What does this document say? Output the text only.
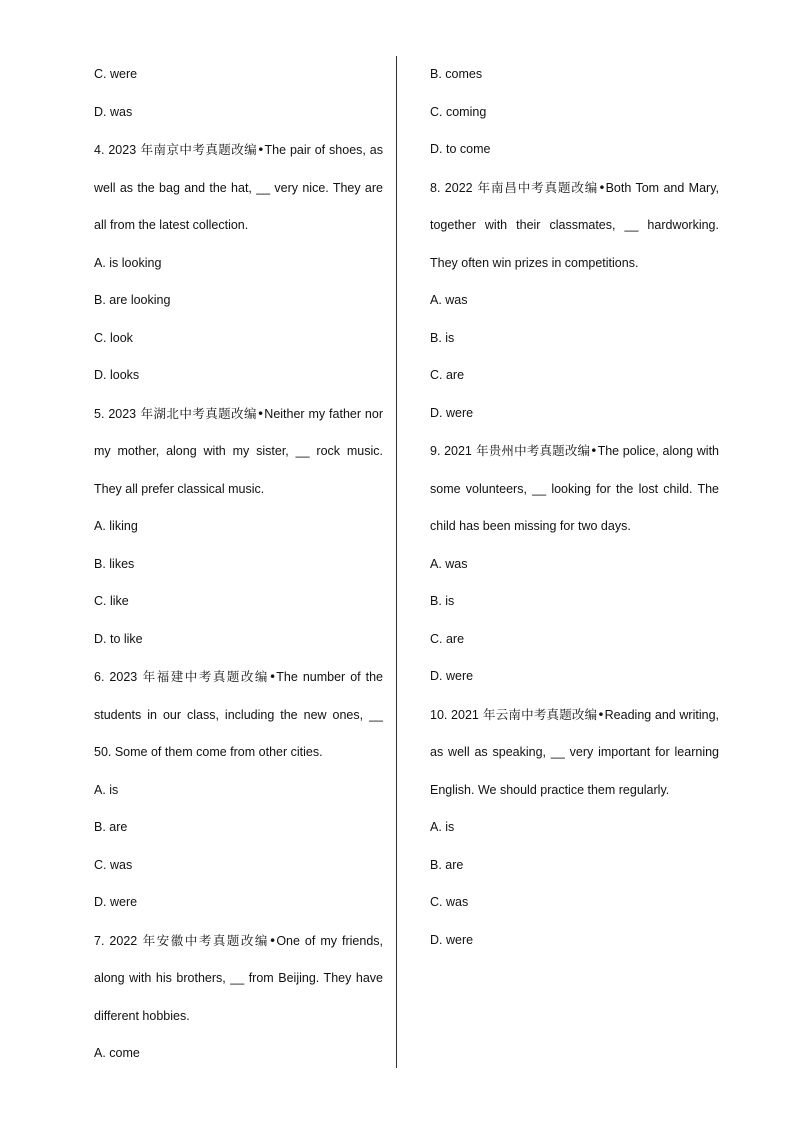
C. were
D. was
4. 2023 年南京中考真题改编•The pair of shoes, as well as the bag and the hat, __ very nice. They are all from the latest collection.
A. is looking
B. are looking
C. look
D. looks
5. 2023 年湖北中考真题改编•Neither my father nor my mother, along with my sister, __ rock music. They all prefer classical music.
A. liking
B. likes
C. like
D. to like
6. 2023 年福建中考真题改编•The number of the students in our class, including the new ones, __ 50. Some of them come from other cities.
A. is
B. are
C. was
D. were
7. 2022 年安徽中考真题改编•One of my friends, along with his brothers, __ from Beijing. They have different hobbies.
A. come
B. comes
C. coming
D. to come
8. 2022 年南昌中考真题改编•Both Tom and Mary, together with their classmates, __ hardworking. They often win prizes in competitions.
A. was
B. is
C. are
D. were
9. 2021 年贵州中考真题改编•The police, along with some volunteers, __ looking for the lost child. The child has been missing for two days.
A. was
B. is
C. are
D. were
10. 2021 年云南中考真题改编•Reading and writing, as well as speaking, __ very important for learning English. We should practice them regularly.
A. is
B. are
C. was
D. were
